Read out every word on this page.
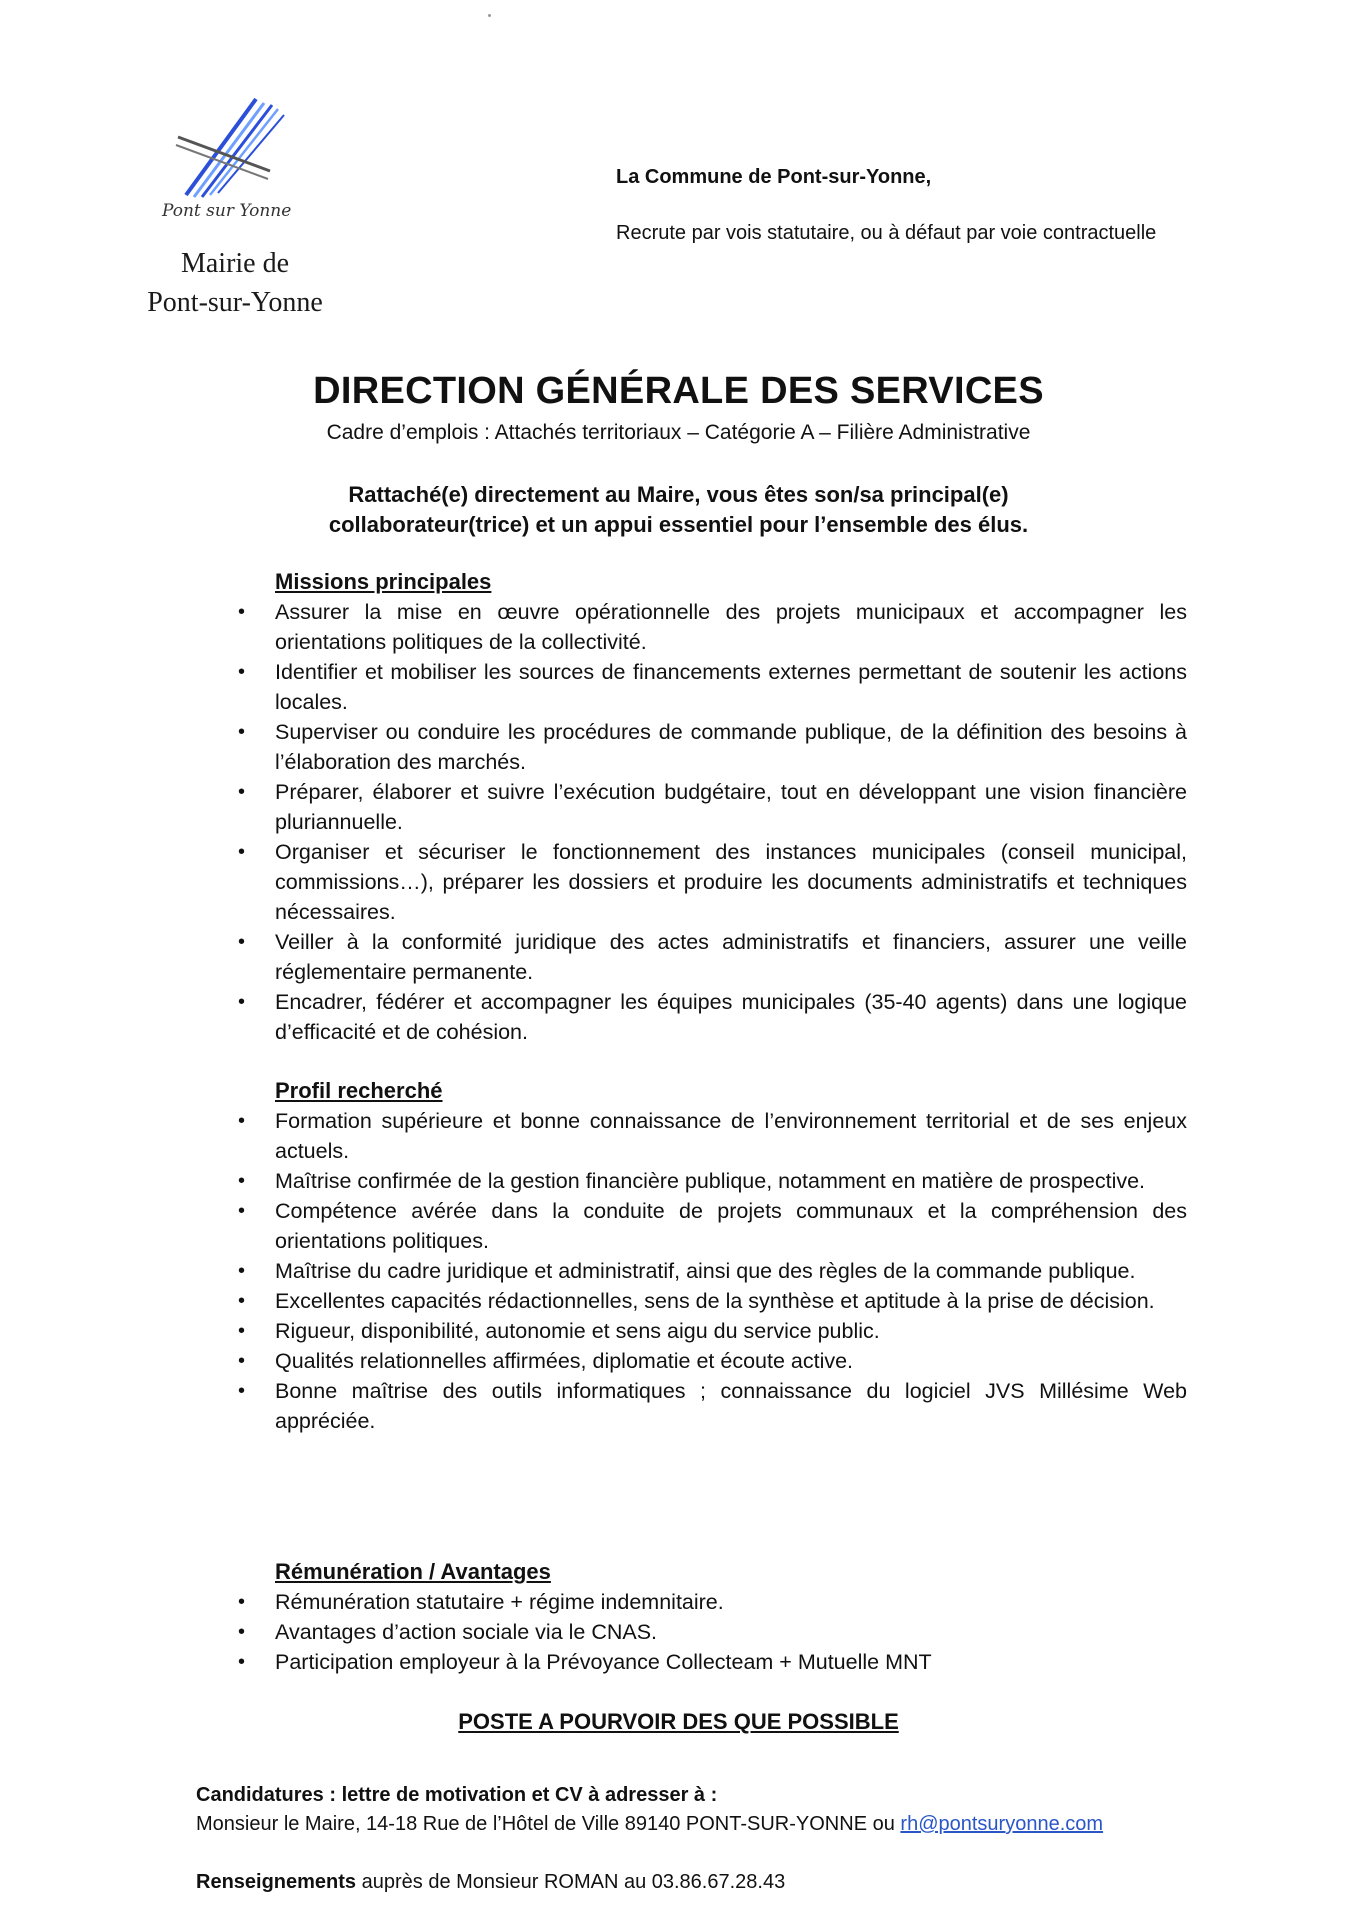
Pont sur Yonne
Mairie de
Pont-sur-Yonne
La Commune de Pont-sur-Yonne,
Recrute par vois statutaire, ou à défaut par voie contractuelle
DIRECTION GÉNÉRALE DES SERVICES
Cadre d’emplois : Attachés territoriaux – Catégorie A – Filière Administrative
Rattaché(e) directement au Maire, vous êtes son/sa principal(e)
collaborateur(trice) et un appui essentiel pour l’ensemble des élus.
Missions principales
• Assurer la mise en œuvre opérationnelle des projets municipaux et accompagner les orientations politiques de la collectivité.
• Identifier et mobiliser les sources de financements externes permettant de soutenir les actions locales.
• Superviser ou conduire les procédures de commande publique, de la définition des besoins à l’élaboration des marchés.
• Préparer, élaborer et suivre l’exécution budgétaire, tout en développant une vision financière pluriannuelle.
• Organiser et sécuriser le fonctionnement des instances municipales (conseil municipal, commissions…), préparer les dossiers et produire les documents administratifs et techniques nécessaires.
• Veiller à la conformité juridique des actes administratifs et financiers, assurer une veille réglementaire permanente.
• Encadrer, fédérer et accompagner les équipes municipales (35-40 agents) dans une logique d’efficacité et de cohésion.
Profil recherché
• Formation supérieure et bonne connaissance de l’environnement territorial et de ses enjeux actuels.
• Maîtrise confirmée de la gestion financière publique, notamment en matière de prospective.
• Compétence avérée dans la conduite de projets communaux et la compréhension des orientations politiques.
• Maîtrise du cadre juridique et administratif, ainsi que des règles de la commande publique.
• Excellentes capacités rédactionnelles, sens de la synthèse et aptitude à la prise de décision.
• Rigueur, disponibilité, autonomie et sens aigu du service public.
• Qualités relationnelles affirmées, diplomatie et écoute active.
• Bonne maîtrise des outils informatiques ; connaissance du logiciel JVS Millésime Web appréciée.
Rémunération / Avantages
• Rémunération statutaire + régime indemnitaire.
• Avantages d’action sociale via le CNAS.
• Participation employeur à la Prévoyance Collecteam + Mutuelle MNT
POSTE A POURVOIR DES QUE POSSIBLE
Candidatures : lettre de motivation et CV à adresser à :
Monsieur le Maire, 14-18 Rue de l’Hôtel de Ville 89140 PONT-SUR-YONNE ou rh@pontsuryonne.com
Renseignements auprès de Monsieur ROMAN au 03.86.67.28.43
